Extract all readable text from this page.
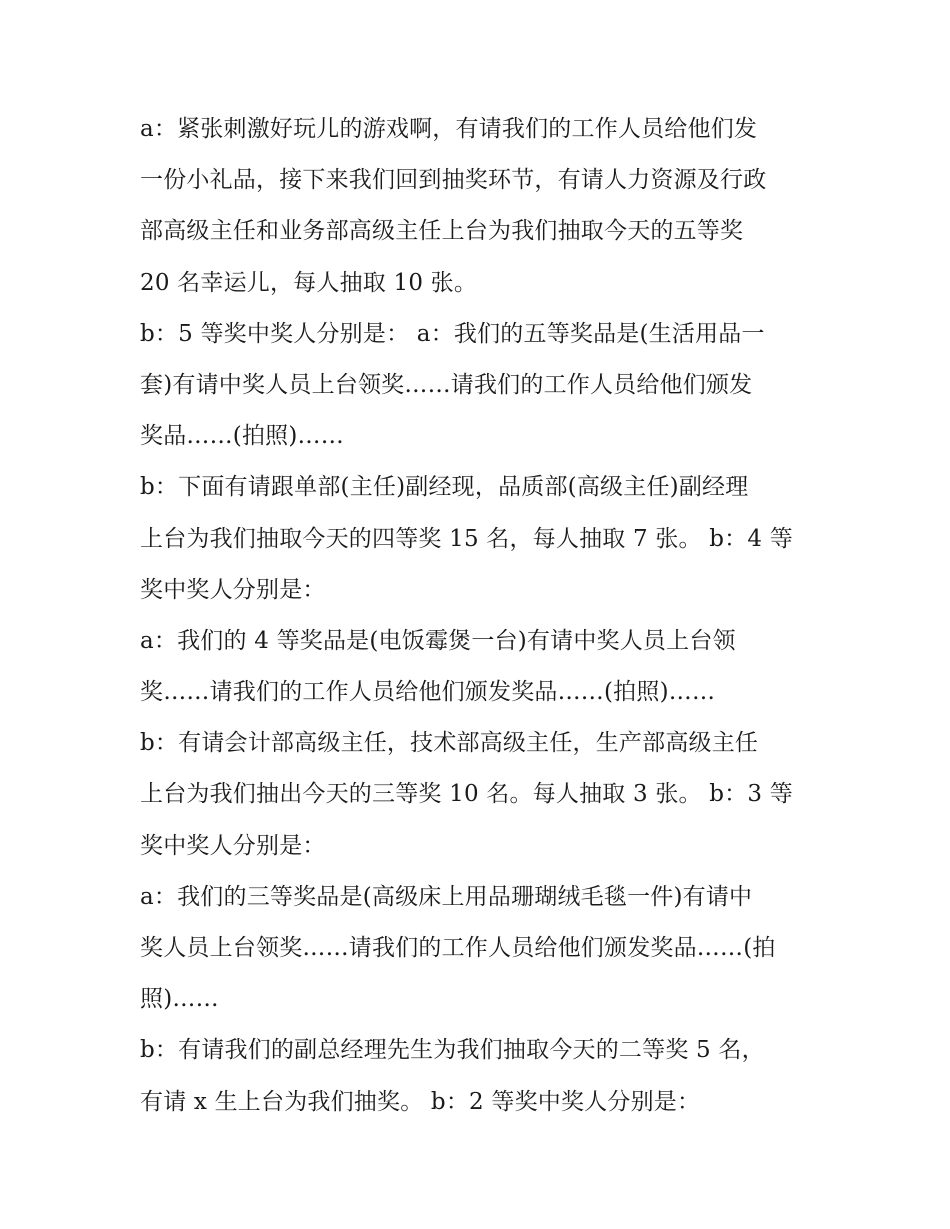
a：紧张刺激好玩儿的游戏啊，有请我们的工作人员给他们发
一份小礼品，接下来我们回到抽奖环节，有请人力资源及行政
部高级主任和业务部高级主任上台为我们抽取今天的五等奖
20 名幸运儿，每人抽取 10 张。
b：5 等奖中奖人分别是： a：我们的五等奖品是(生活用品一
套)有请中奖人员上台领奖……请我们的工作人员给他们颁发
奖品……(拍照)……
b：下面有请跟单部(主任)副经现，品质部(高级主任)副经理
上台为我们抽取今天的四等奖 15 名，每人抽取 7 张。 b：4 等
奖中奖人分别是：
a：我们的 4 等奖品是(电饭霉煲一台)有请中奖人员上台领
奖……请我们的工作人员给他们颁发奖品……(拍照)……
b：有请会计部高级主任，技术部高级主任，生产部高级主任
上台为我们抽出今天的三等奖 10 名。每人抽取 3 张。 b：3 等
奖中奖人分别是：
a：我们的三等奖品是(高级床上用品珊瑚绒毛毯一件)有请中
奖人员上台领奖……请我们的工作人员给他们颁发奖品……(拍
照)……
b：有请我们的副总经理先生为我们抽取今天的二等奖 5 名，
有请 x 生上台为我们抽奖。 b：2 等奖中奖人分别是：
